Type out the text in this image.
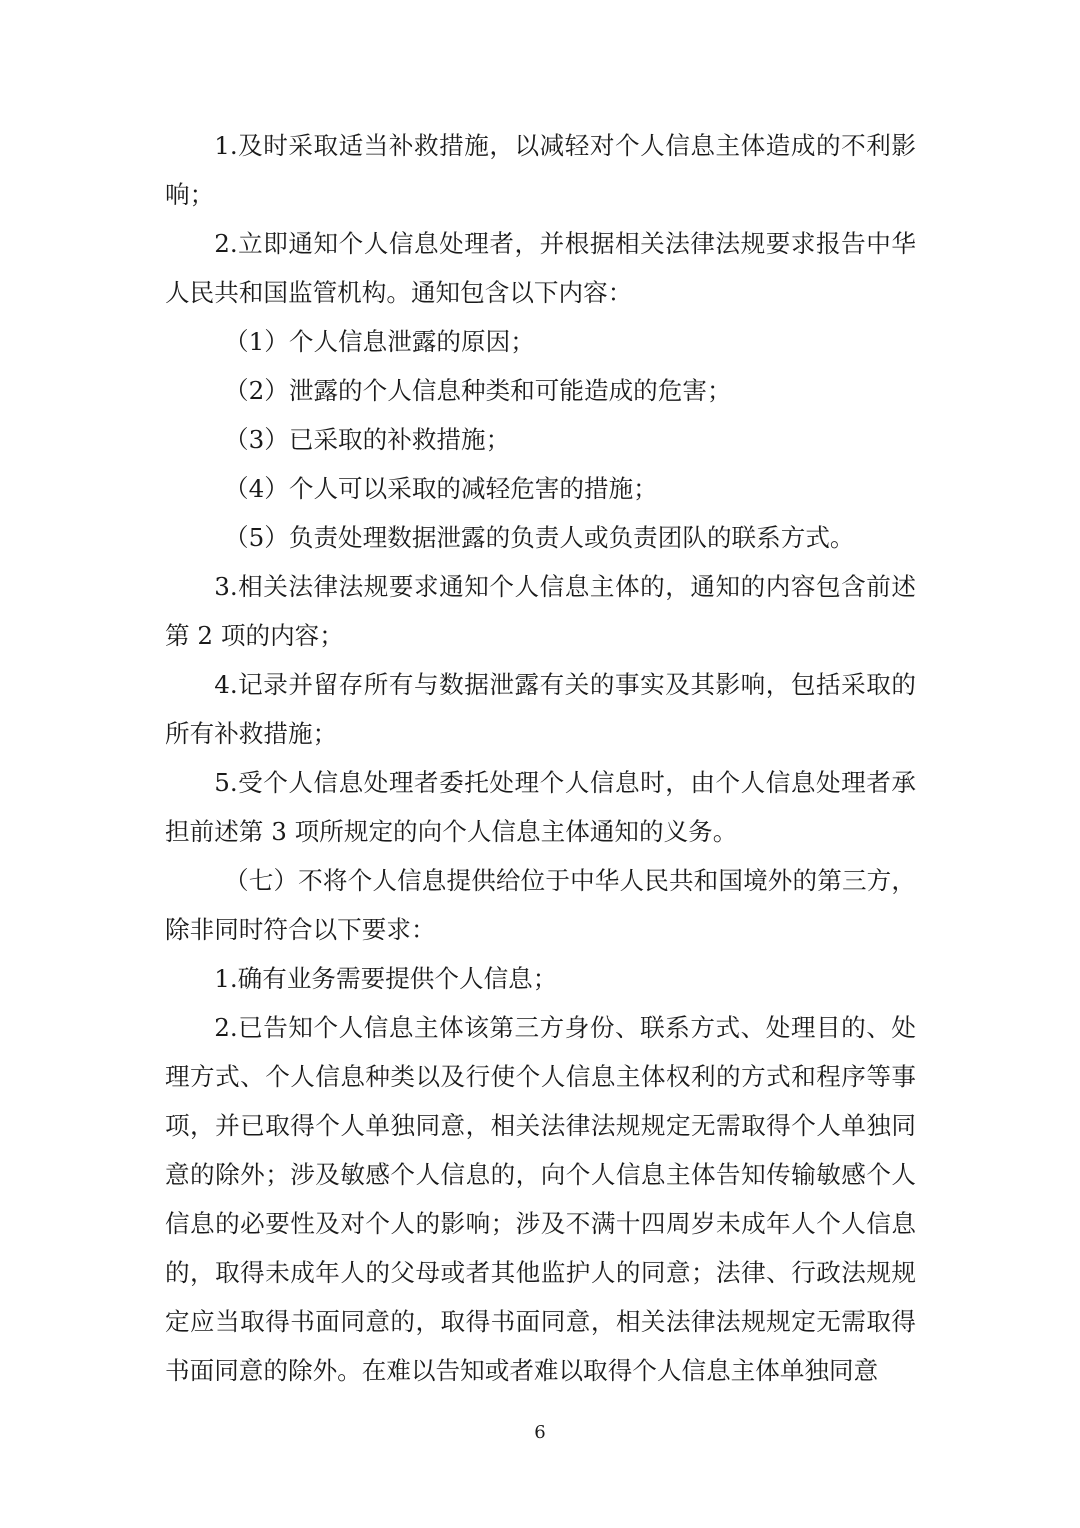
1.及时采取适当补救措施，以减轻对个人信息主体造成的不利影响；

2.立即通知个人信息处理者，并根据相关法律法规要求报告中华人民共和国监管机构。通知包含以下内容：

（1）个人信息泄露的原因；

（2）泄露的个人信息种类和可能造成的危害；

（3）已采取的补救措施；

（4）个人可以采取的减轻危害的措施；

（5）负责处理数据泄露的负责人或负责团队的联系方式。

3.相关法律法规要求通知个人信息主体的，通知的内容包含前述第 2 项的内容；

4.记录并留存所有与数据泄露有关的事实及其影响，包括采取的所有补救措施；

5.受个人信息处理者委托处理个人信息时，由个人信息处理者承担前述第 3 项所规定的向个人信息主体通知的义务。

（七）不将个人信息提供给位于中华人民共和国境外的第三方，除非同时符合以下要求：

1.确有业务需要提供个人信息；

2.已告知个人信息主体该第三方身份、联系方式、处理目的、处理方式、个人信息种类以及行使个人信息主体权利的方式和程序等事项，并已取得个人单独同意，相关法律法规规定无需取得个人单独同意的除外；涉及敏感个人信息的，向个人信息主体告知传输敏感个人信息的必要性及对个人的影响；涉及不满十四周岁未成年人个人信息的，取得未成年人的父母或者其他监护人的同意；法律、行政法规规定应当取得书面同意的，取得书面同意，相关法律法规规定无需取得书面同意的除外。在难以告知或者难以取得个人信息主体单独同意

6
